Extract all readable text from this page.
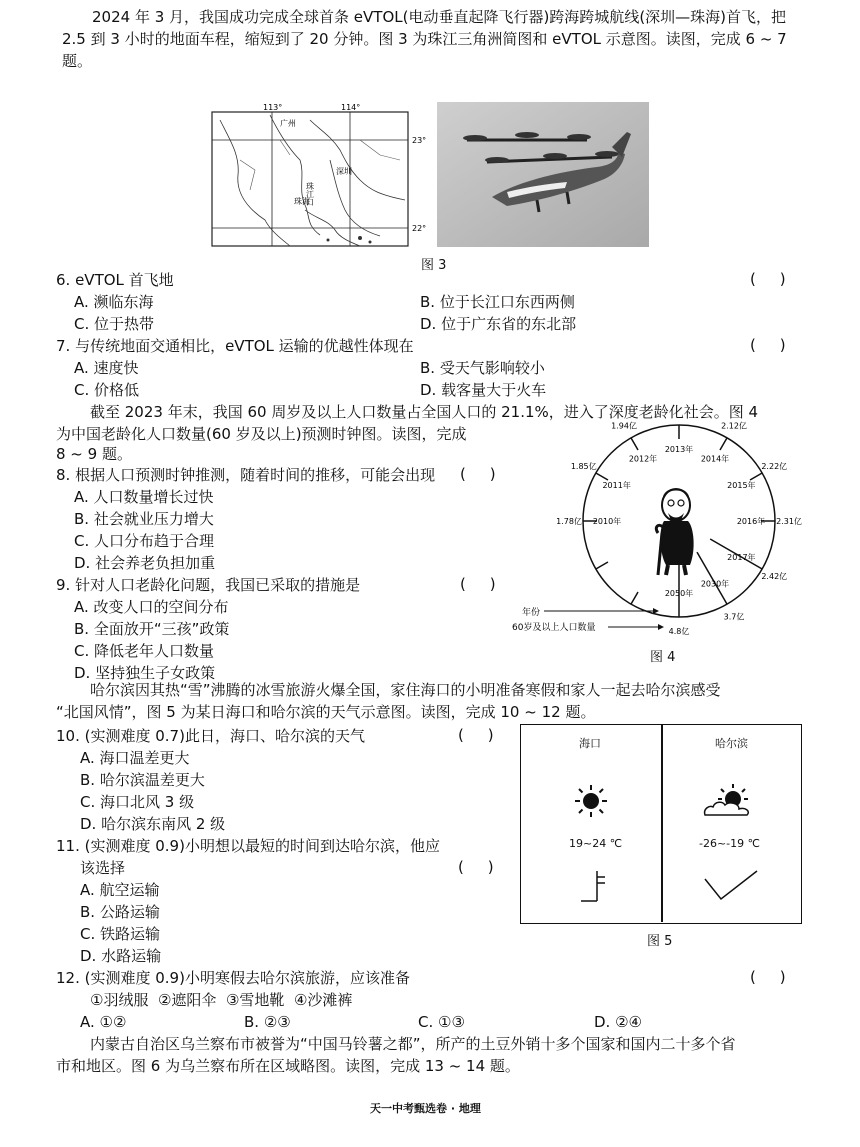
2024 年 3 月，我国成功完成全球首条 eVTOL(电动垂直起降飞行器)跨海跨城航线(深圳—珠海)首飞，把 2.5 到 3 小时的地面车程，缩短到了 20 分钟。图 3 为珠江三角洲简图和 eVTOL 示意图。读图，完成 6 ~ 7 题。
113°	114°
23°
22°
广州
深圳
珠江口
珠海
图 3
6. eVTOL 首飞地	(     )
A. 濒临东海	B. 位于长江口东西两侧
C. 位于热带	D. 位于广东省的东北部
7. 与传统地面交通相比，eVTOL 运输的优越性体现在	(     )
A. 速度快	B. 受天气影响较小
C. 价格低	D. 载客量大于火车
截至 2023 年末，我国 60 周岁及以上人口数量占全国人口的 21.1%，进入了深度老龄化社会。图 4
为中国老龄化人口数量(60 岁及以上)预测时钟图。读图，完成
8 ~ 9 题。
8. 根据人口预测时钟推测，随着时间的推移，可能会出现 (     )
A. 人口数量增长过快
B. 社会就业压力增大
C. 人口分布趋于合理
D. 社会养老负担加重
9. 针对人口老龄化问题，我国已采取的措施是	(     )
A. 改变人口的空间分布
B. 全面放开“三孩”政策
C. 降低老年人口数量
D. 坚持独生子女政策
2013年
2014年
2.12亿
2015年
2.22亿
2016年 2.31亿
2017年
2.42亿
2030年
3.7亿
2050年
4.8亿
2010年
1.78亿
2011年
1.85亿
2012年
1.94亿
年份
60岁及以上人口数量
图 4
哈尔滨因其热“雪”沸腾的冰雪旅游火爆全国，家住海口的小明准备寒假和家人一起去哈尔滨感受
“北国风情”，图 5 为某日海口和哈尔滨的天气示意图。读图，完成 10 ~ 12 题。
海口	哈尔滨
19~24 ℃	-26~-19 ℃
图 5
10. (实测难度 0.7)此日，海口、哈尔滨的天气	(     )
A. 海口温差更大
B. 哈尔滨温差更大
C. 海口北风 3 级
D. 哈尔滨东南风 2 级
11. (实测难度 0.9)小明想以最短的时间到达哈尔滨，他应
该选择	(     )
A. 航空运输
B. 公路运输
C. 铁路运输
D. 水路运输
12. (实测难度 0.9)小明寒假去哈尔滨旅游，应该准备	(     )
①羽绒服  ②遮阳伞  ③雪地靴  ④沙滩裤
A. ①②	B. ②③	C. ①③	D. ②④
内蒙古自治区乌兰察布市被誉为“中国马铃薯之都”，所产的土豆外销十多个国家和国内二十多个省
市和地区。图 6 为乌兰察布所在区域略图。读图，完成 13 ~ 14 题。
天一中考甄选卷 · 地理
